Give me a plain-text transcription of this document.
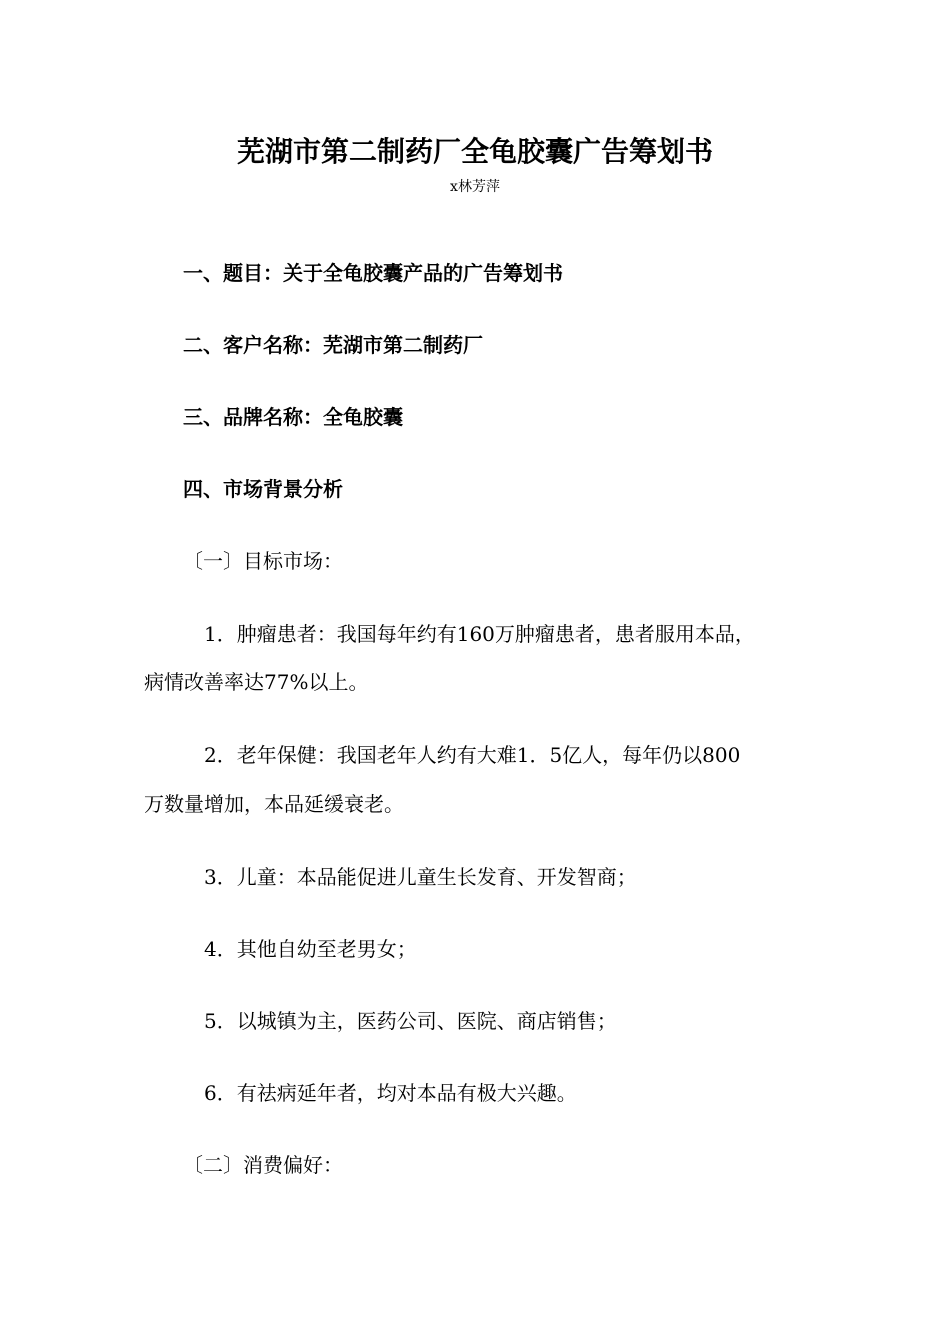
芜湖市第二制药厂全龟胶囊广告筹划书
x林芳萍
一、题目：关于全龟胶囊产品的广告筹划书
二、客户名称：芜湖市第二制药厂
三、品牌名称：全龟胶囊
四、市场背景分析
〔一〕目标市场：
1．肿瘤患者：我国每年约有160万肿瘤患者，患者服用本品，
病情改善率达77%以上。
2．老年保健：我国老年人约有大难1．5亿人，每年仍以800
万数量增加，本品延缓衰老。
3．儿童：本品能促进儿童生长发育、开发智商；
4．其他自幼至老男女；
5．以城镇为主，医药公司、医院、商店销售；
6．有祛病延年者，均对本品有极大兴趣。
〔二〕消费偏好：
